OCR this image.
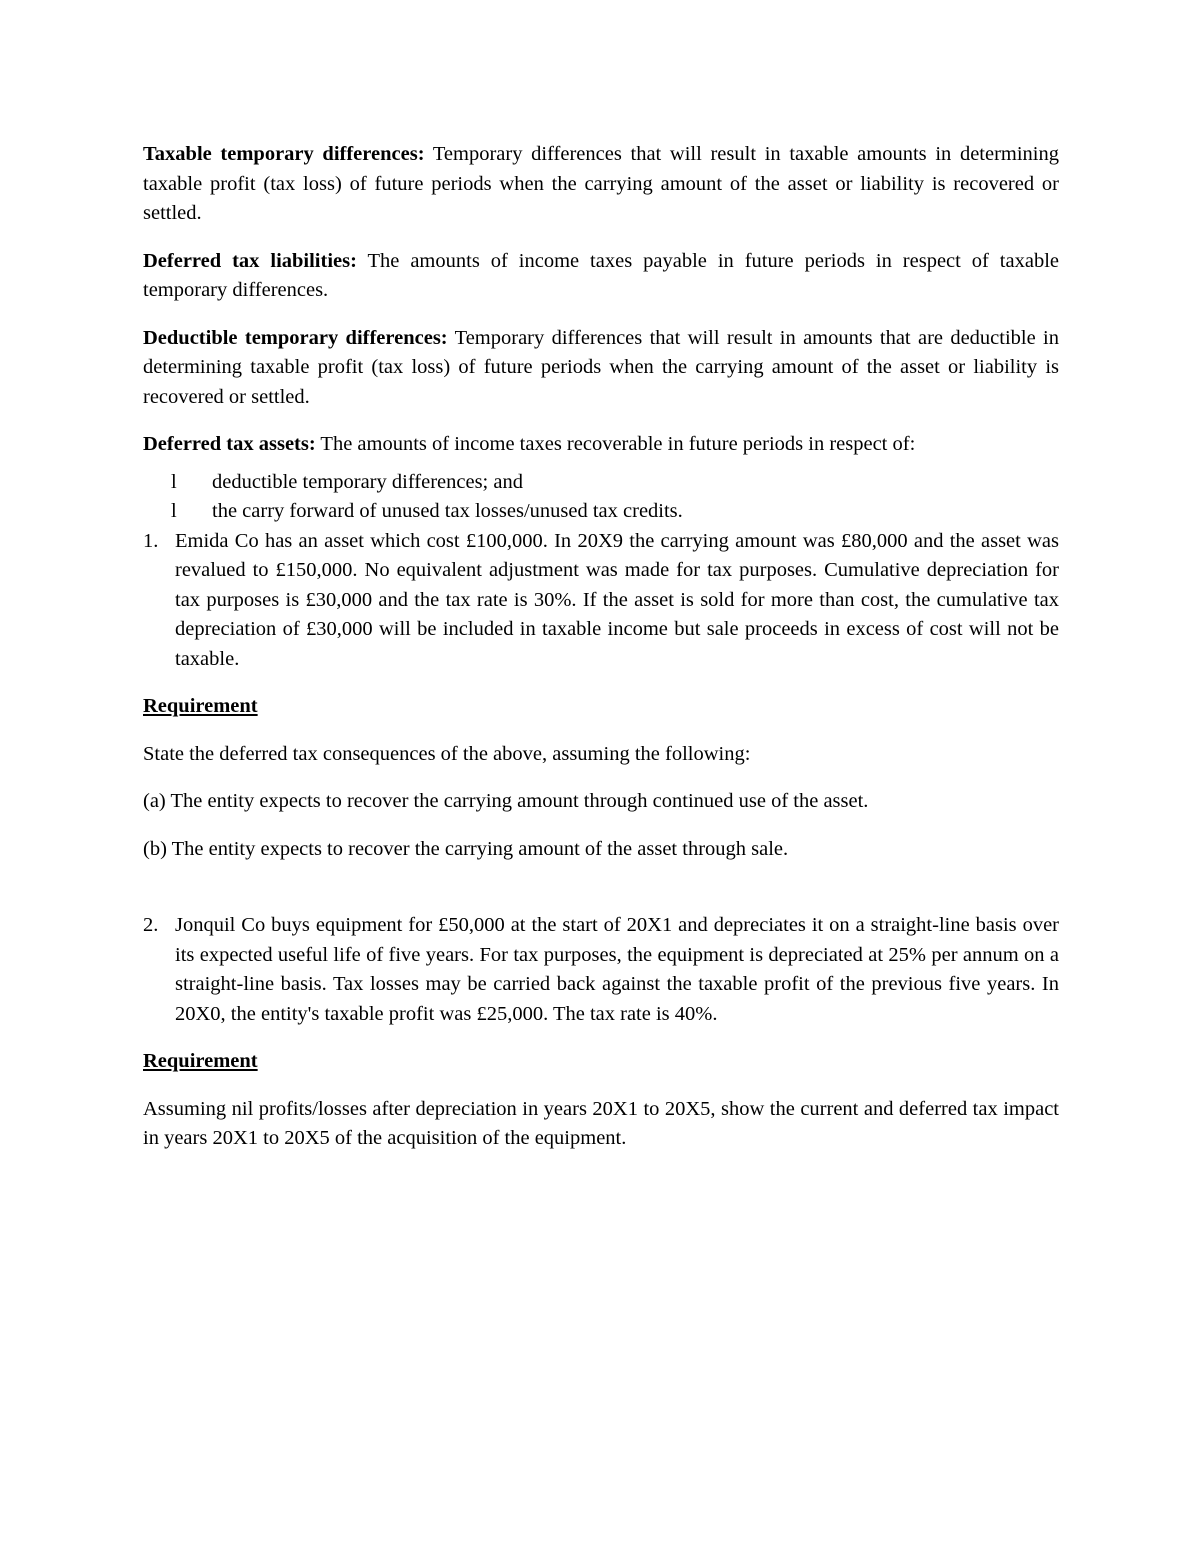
Taxable temporary differences: Temporary differences that will result in taxable amounts in determining taxable profit (tax loss) of future periods when the carrying amount of the asset or liability is recovered or settled.

Deferred tax liabilities: The amounts of income taxes payable in future periods in respect of taxable temporary differences.

Deductible temporary differences: Temporary differences that will result in amounts that are deductible in determining taxable profit (tax loss) of future periods when the carrying amount of the asset or liability is recovered or settled.

Deferred tax assets: The amounts of income taxes recoverable in future periods in respect of:

l deductible temporary differences; and
l the carry forward of unused tax losses/unused tax credits.
1. Emida Co has an asset which cost £100,000. In 20X9 the carrying amount was £80,000 and the asset was revalued to £150,000. No equivalent adjustment was made for tax purposes. Cumulative depreciation for tax purposes is £30,000 and the tax rate is 30%. If the asset is sold for more than cost, the cumulative tax depreciation of £30,000 will be included in taxable income but sale proceeds in excess of cost will not be taxable.

Requirement

State the deferred tax consequences of the above, assuming the following:

(a) The entity expects to recover the carrying amount through continued use of the asset.

(b) The entity expects to recover the carrying amount of the asset through sale.

2. Jonquil Co buys equipment for £50,000 at the start of 20X1 and depreciates it on a straight-line basis over its expected useful life of five years. For tax purposes, the equipment is depreciated at 25% per annum on a straight-line basis. Tax losses may be carried back against the taxable profit of the previous five years. In 20X0, the entity's taxable profit was £25,000. The tax rate is 40%.

Requirement

Assuming nil profits/losses after depreciation in years 20X1 to 20X5, show the current and deferred tax impact in years 20X1 to 20X5 of the acquisition of the equipment.
